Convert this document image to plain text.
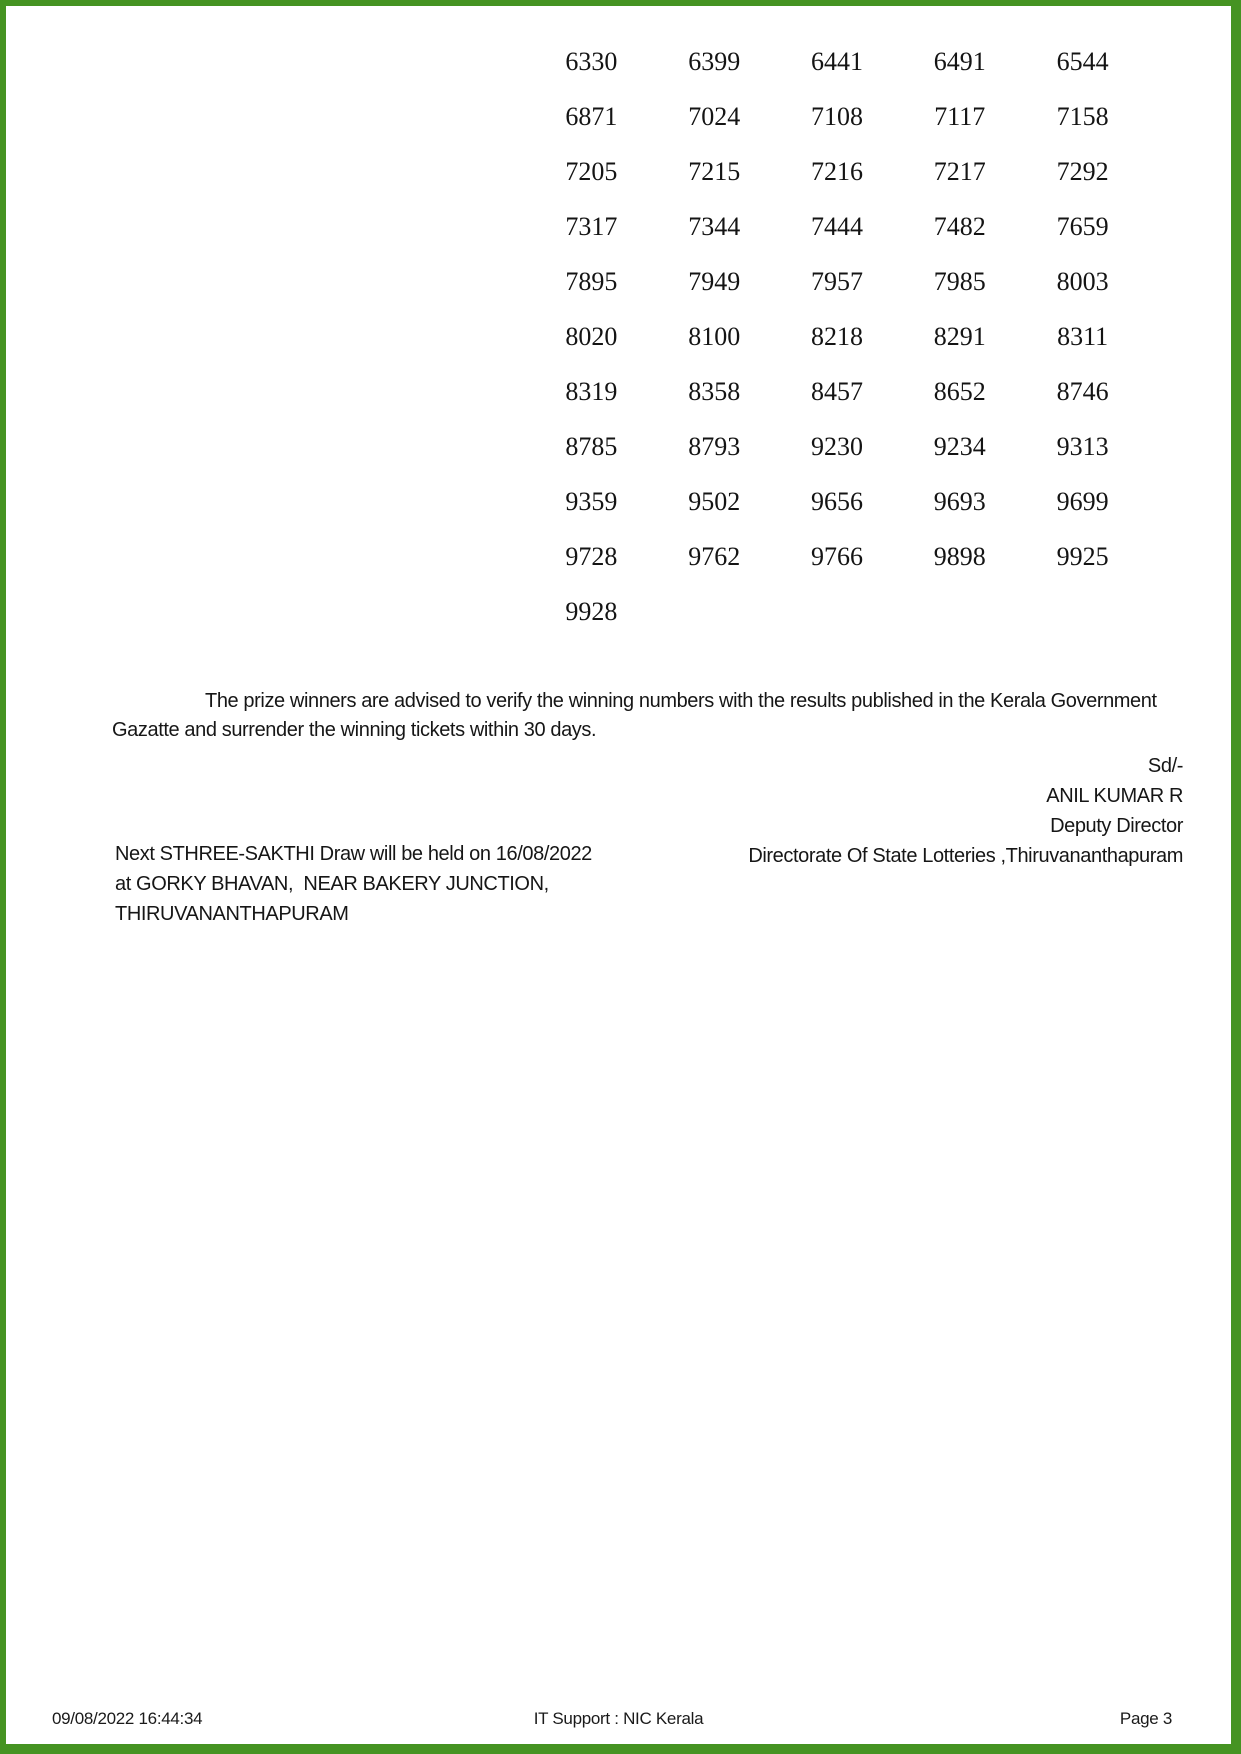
6330	6399	6441	6491	6544
6871	7024	7108	7117	7158
7205	7215	7216	7217	7292
7317	7344	7444	7482	7659
7895	7949	7957	7985	8003
8020	8100	8218	8291	8311
8319	8358	8457	8652	8746
8785	8793	9230	9234	9313
9359	9502	9656	9693	9699
9728	9762	9766	9898	9925
9928
The prize winners are advised to verify the winning numbers with the results published in the Kerala Government Gazatte and surrender the winning tickets within 30 days.
Sd/-
ANIL KUMAR R
Deputy Director
Directorate Of State Lotteries ,Thiruvananthapuram
Next STHREE-SAKTHI Draw will be held on 16/08/2022
at GORKY BHAVAN,  NEAR BAKERY JUNCTION,
THIRUVANANTHAPURAM
09/08/2022 16:44:34	IT Support : NIC Kerala	Page 3
